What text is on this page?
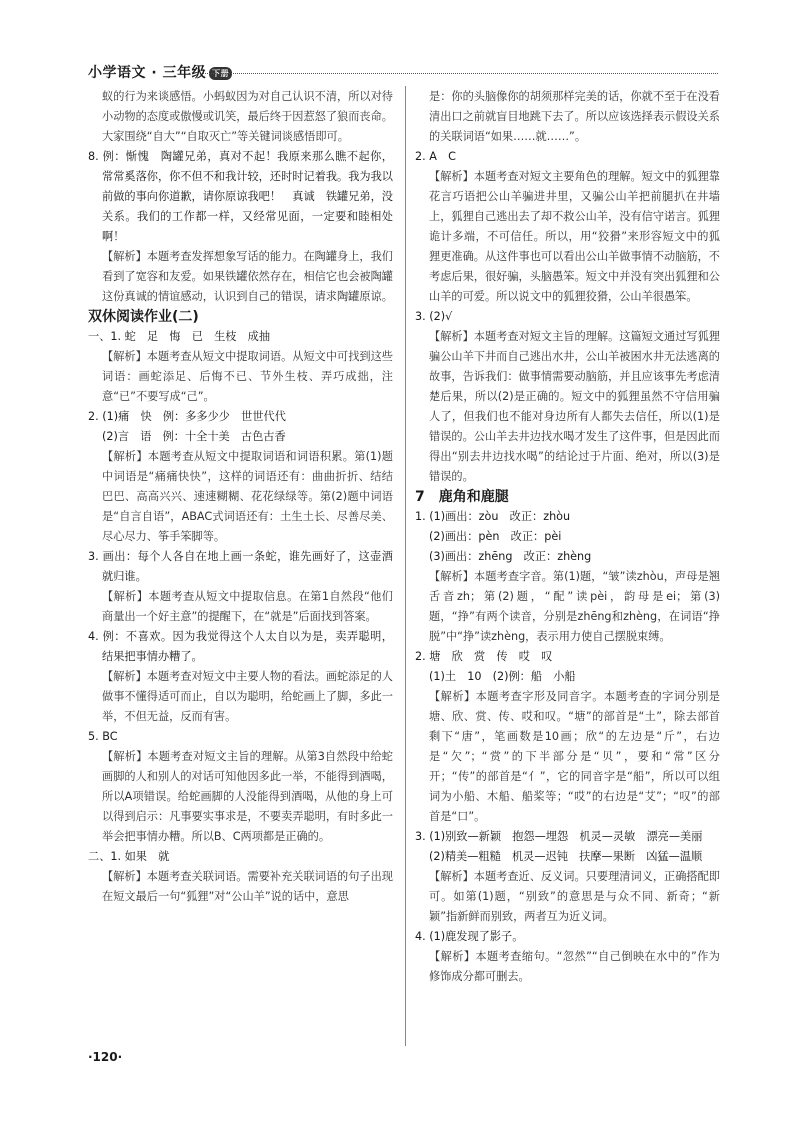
小学语文 · 三年级 下册

蚁的行为来谈感悟。小蚂蚁因为对自己认识不清，所以对待小动物的态度或傲慢或讥笑，最后终于因惹怒了狼而丧命。大家围绕“自大”“自取灭亡”等关键词谈感悟即可。

8. 例：惭愧　陶罐兄弟，真对不起！我原来那么瞧不起你，常常奚落你，你不但不和我计较，还时时记着我。我为我以前做的事向你道歉，请你原谅我吧！　真诚　铁罐兄弟，没关系。我们的工作都一样，又经常见面，一定要和睦相处啊！

【解析】本题考查发挥想象写话的能力。在陶罐身上，我们看到了宽容和友爱。如果铁罐依然存在，相信它也会被陶罐这份真诚的情谊感动，认识到自己的错误，请求陶罐原谅。

双休阅读作业(二)

一、1. 蛇　足　悔　已　生枝　成抽

【解析】本题考查从短文中提取词语。从短文中可找到这些词语：画蛇添足、后悔不已、节外生枝、弄巧成拙，注意“已”不要写成“己”。

2. (1)痛　快　例：多多少少　世世代代

(2)言　语　例：十全十美　古色古香

【解析】本题考查从短文中提取词语和词语积累。第(1)题中词语是“痛痛快快”，这样的词语还有：曲曲折折、结结巴巴、高高兴兴、速速糊糊、花花绿绿等。第(2)题中词语是“自言自语”，ABAC式词语还有：土生土长、尽善尽美、尽心尽力、筝手笨脚等。

3. 画出：每个人各自在地上画一条蛇，谁先画好了，这壶酒就归谁。

【解析】本题考查从短文中提取信息。在第1自然段“他们商量出一个好主意”的提醒下，在“就是”后面找到答案。

4. 例：不喜欢。因为我觉得这个人太自以为是，卖弄聪明，结果把事情办糟了。

【解析】本题考查对短文中主要人物的看法。画蛇添足的人做事不懂得适可而止，自以为聪明，给蛇画上了脚，多此一举，不但无益，反而有害。

5. BC

【解析】本题考查对短文主旨的理解。从第3自然段中给蛇画脚的人和别人的对话可知他因多此一举，不能得到酒喝，所以A项错误。给蛇画脚的人没能得到酒喝，从他的身上可以得到启示：凡事要实事求是，不要卖弄聪明，有时多此一举会把事情办糟。所以B、C两项都是正确的。

二、1. 如果　就

【解析】本题考查关联词语。需要补充关联词语的句子出现在短文最后一句“狐狸”对“公山羊”说的话中，意思

是：你的头脑像你的胡须那样完美的话，你就不至于在没看清出口之前就盲目地跳下去了。所以应该选择表示假设关系的关联词语“如果……就……”。

2. A　C

【解析】本题考查对短文主要角色的理解。短文中的狐狸靠花言巧语把公山羊骗进井里，又骗公山羊把前腿扒在井墙上，狐狸自己逃出去了却不救公山羊，没有信守诺言。狐狸诡计多端，不可信任。所以，用“狡猾”来形容短文中的狐狸更准确。从这件事也可以看出公山羊做事情不动脑筋，不考虑后果，很好骗，头脑愚笨。短文中并没有突出狐狸和公山羊的可爱。所以说文中的狐狸狡猾，公山羊很愚笨。

3. (2)√

【解析】本题考查对短文主旨的理解。这篇短文通过写狐狸骗公山羊下井而自己逃出水井，公山羊被困水井无法逃离的故事，告诉我们：做事情需要动脑筋，并且应该事先考虑清楚后果，所以(2)是正确的。短文中的狐狸虽然不守信用骗人了，但我们也不能对身边所有人都失去信任，所以(1)是错误的。公山羊去井边找水喝才发生了这件事，但是因此而得出“别去井边找水喝”的结论过于片面、绝对，所以(3)是错误的。

7　鹿角和鹿腿

1. (1)画出：zòu　改正：zhòu

(2)画出：pèn　改正：pèi

(3)画出：zhēng　改正：zhèng

【解析】本题考查字音。第(1)题，“皱”读zhòu，声母是翘舌音zh；第(2)题，“配”读pèi，韵母是ei；第(3)题，“挣”有两个读音，分别是zhēng和zhèng，在词语“挣脱”中“挣”读zhèng，表示用力使自己摆脱束缚。

2. 塘　欣　赏　传　哎　叹

(1)土　10　(2)例：船　小船

【解析】本题考查字形及同音字。本题考查的字词分别是塘、欣、赏、传、哎和叹。“塘”的部首是“土”，除去部首剩下“唐”，笔画数是10画；欣“的左边是“斤”，右边是“欠”；“赏”的下半部分是“贝”，要和“常”区分开；“传”的部首是“亻”，它的同音字是“船”，所以可以组词为小船、木船、船桨等；“哎”的右边是“艾”；“叹”的部首是“口”。

3. (1)别致—新颖　抱怨—埋怨　机灵—灵敏　漂亮—美丽

(2)精美—粗糙　机灵—迟钝　扶摩—果断　凶猛—温顺

【解析】本题考查近、反义词。只要理清词义，正确搭配即可。如第(1)题，“别致”的意思是与众不同、新奇；“新颖”指新鲜而别致，两者互为近义词。

4. (1)鹿发现了影子。

【解析】本题考查缩句。“忽然”“自己倒映在水中的”作为修饰成分都可删去。

·120·
